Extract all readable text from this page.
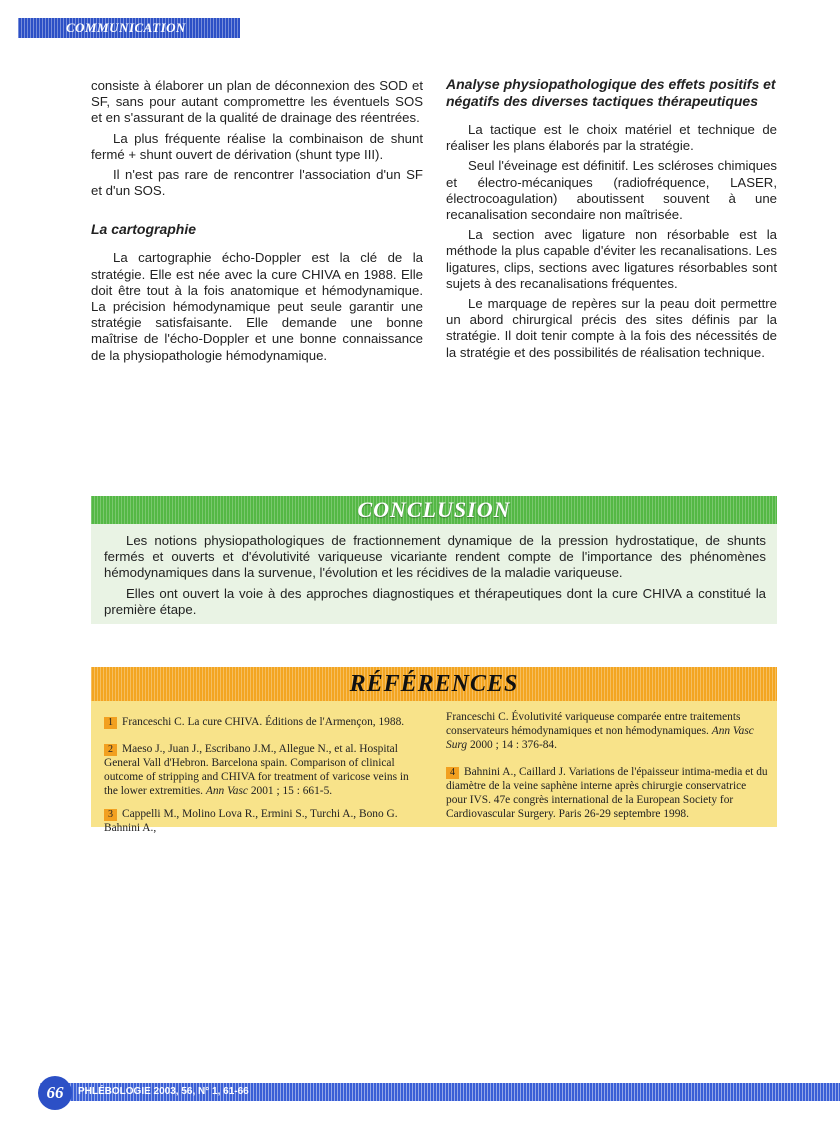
COMMUNICATION

consiste à élaborer un plan de déconnexion des SOD et SF, sans pour autant compromettre les éventuels SOS et en s'assurant de la qualité de drainage des réentrées.

La plus fréquente réalise la combinaison de shunt fermé + shunt ouvert de dérivation (shunt type III).

Il n'est pas rare de rencontrer l'association d'un SF et d'un SOS.

La cartographie

La cartographie écho-Doppler est la clé de la stratégie. Elle est née avec la cure CHIVA en 1988. Elle doit être tout à la fois anatomique et hémodynamique. La précision hémodynamique peut seule garantir une stratégie satisfaisante. Elle demande une bonne maîtrise de l'écho-Doppler et une bonne connaissance de la physiopathologie hémodynamique.

Analyse physiopathologique des effets positifs et négatifs des diverses tactiques thérapeutiques

La tactique est le choix matériel et technique de réaliser les plans élaborés par la stratégie.

Seul l'éveinage est définitif. Les scléroses chimiques et électro-mécaniques (radiofréquence, LASER, électrocoagulation) aboutissent souvent à une recanalisation secondaire non maîtrisée.

La section avec ligature non résorbable est la méthode la plus capable d'éviter les recanalisations. Les ligatures, clips, sections avec ligatures résorbables sont sujets à des recanalisations fréquentes.

Le marquage de repères sur la peau doit permettre un abord chirurgical précis des sites définis par la stratégie. Il doit tenir compte à la fois des nécessités de la stratégie et des possibilités de réalisation technique.

CONCLUSION

Les notions physiopathologiques de fractionnement dynamique de la pression hydrostatique, de shunts fermés et ouverts et d'évolutivité variqueuse vicariante rendent compte de l'importance des phénomènes hémodynamiques dans la survenue, l'évolution et les récidives de la maladie variqueuse.

Elles ont ouvert la voie à des approches diagnostiques et thérapeutiques dont la cure CHIVA a constitué la première étape.

RÉFÉRENCES
1 Franceschi C. La cure CHIVA. Éditions de l'Armençon, 1988.
2 Maeso J., Juan J., Escribano J.M., Allegue N., et al. Hospital General Vall d'Hebron. Barcelona spain. Comparison of clinical outcome of stripping and CHIVA for treatment of varicose veins in the lower extremities. Ann Vasc 2001 ; 15 : 661-5.
3 Cappelli M., Molino Lova R., Ermini S., Turchi A., Bono G. Bahnini A.,
Franceschi C. Évolutivité variqueuse comparée entre traitements conservateurs hémodynamiques et non hémodynamiques. Ann Vasc Surg 2000 ; 14 : 376-84.
4 Bahnini A., Caillard J. Variations de l'épaisseur intima-media et du diamètre de la veine saphène interne après chirurgie conservatrice pour IVS. 47e congrès international de la European Society for Cardiovascular Surgery. Paris 26-29 septembre 1998.
66	PHLÉBOLOGIE 2003, 56, N° 1, 61-66
